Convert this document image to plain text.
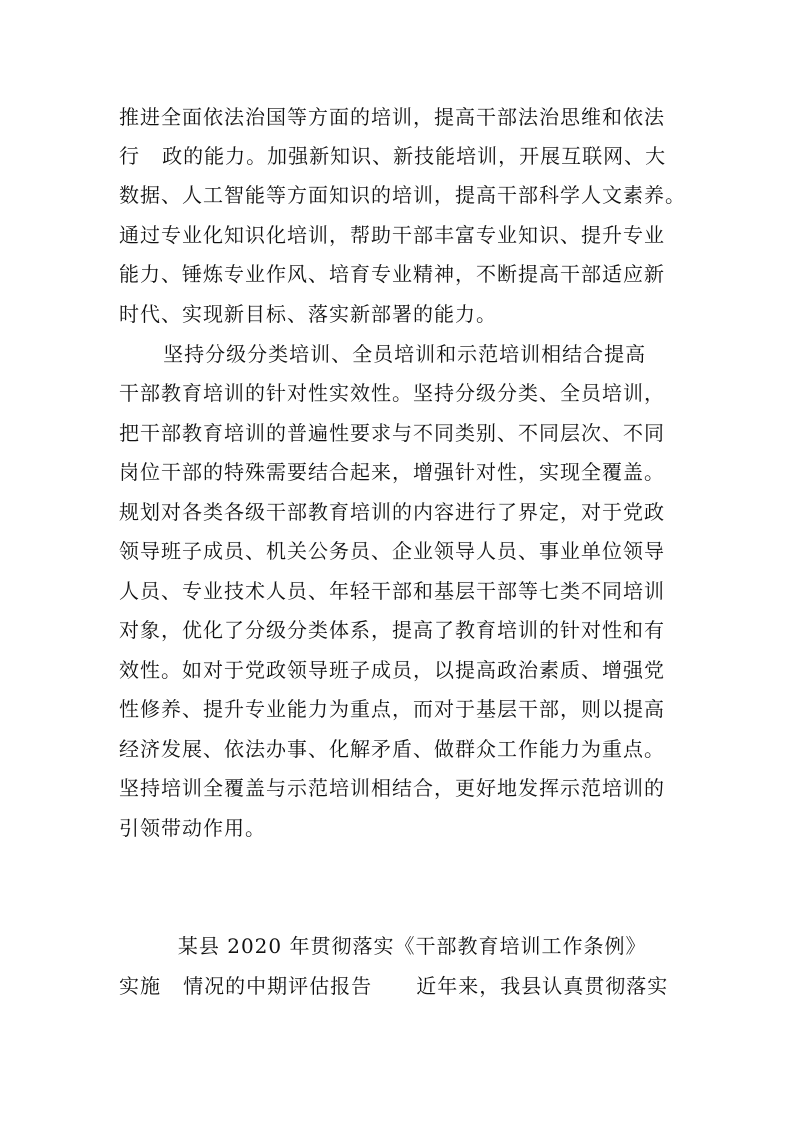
推进全面依法治国等方面的培训，提高干部法治思维和依法
行   政的能力。加强新知识、新技能培训，开展互联网、大
数据、人工智能等方面知识的培训，提高干部科学人文素养。
通过专业化知识化培训，帮助干部丰富专业知识、提升专业
能力、锤炼专业作风、培育专业精神，不断提高干部适应新
时代、实现新目标、落实新部署的能力。
坚持分级分类培训、全员培训和示范培训相结合提高
干部教育培训的针对性实效性。坚持分级分类、全员培训，
把干部教育培训的普遍性要求与不同类别、不同层次、不同
岗位干部的特殊需要结合起来，增强针对性，实现全覆盖。
规划对各类各级干部教育培训的内容进行了界定，对于党政
领导班子成员、机关公务员、企业领导人员、事业单位领导
人员、专业技术人员、年轻干部和基层干部等七类不同培训
对象，优化了分级分类体系，提高了教育培训的针对性和有
效性。如对于党政领导班子成员，以提高政治素质、增强党
性修养、提升专业能力为重点，而对于基层干部，则以提高
经济发展、依法办事、化解矛盾、做群众工作能力为重点。
坚持培训全覆盖与示范培训相结合，更好地发挥示范培训的
引领带动作用。
某县 2020 年贯彻落实《干部教育培训工作条例》
实施   情况的中期评估报告      近年来，我县认真贯彻落实
